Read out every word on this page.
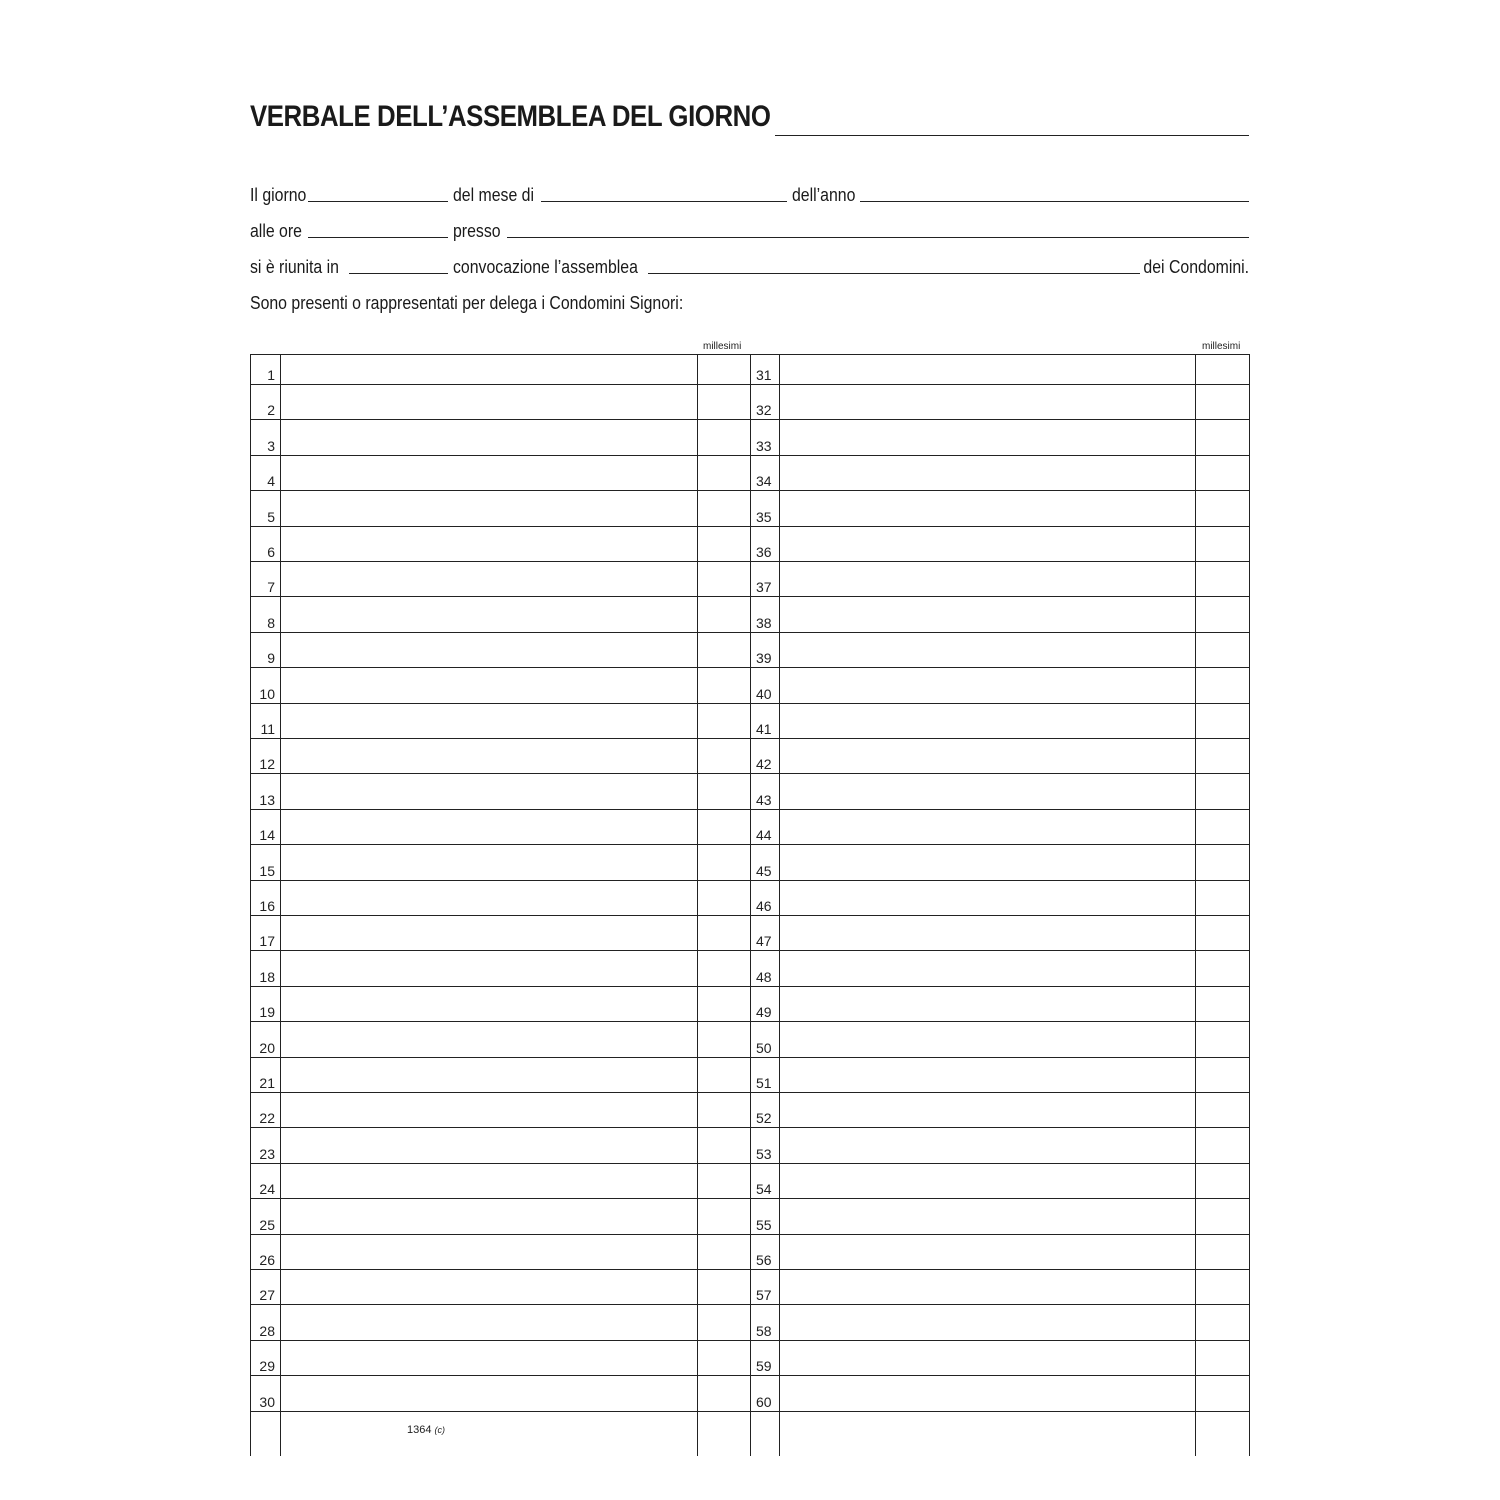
VERBALE DELL’ASSEMBLEA DEL GIORNO
Il giorno	del mese di	dell’anno
alle ore	presso
si è riunita in	convocazione l’assemblea	dei Condomini.
Sono presenti o rappresentati per delega i Condomini Signori:
millesimi	millesimi
1	31
2	32
3	33
4	34
5	35
6	36
7	37
8	38
9	39
10	40
11	41
12	42
13	43
14	44
15	45
16	46
17	47
18	48
19	49
20	50
21	51
22	52
23	53
24	54
25	55
26	56
27	57
28	58
29	59
30	60
1364 (c)
